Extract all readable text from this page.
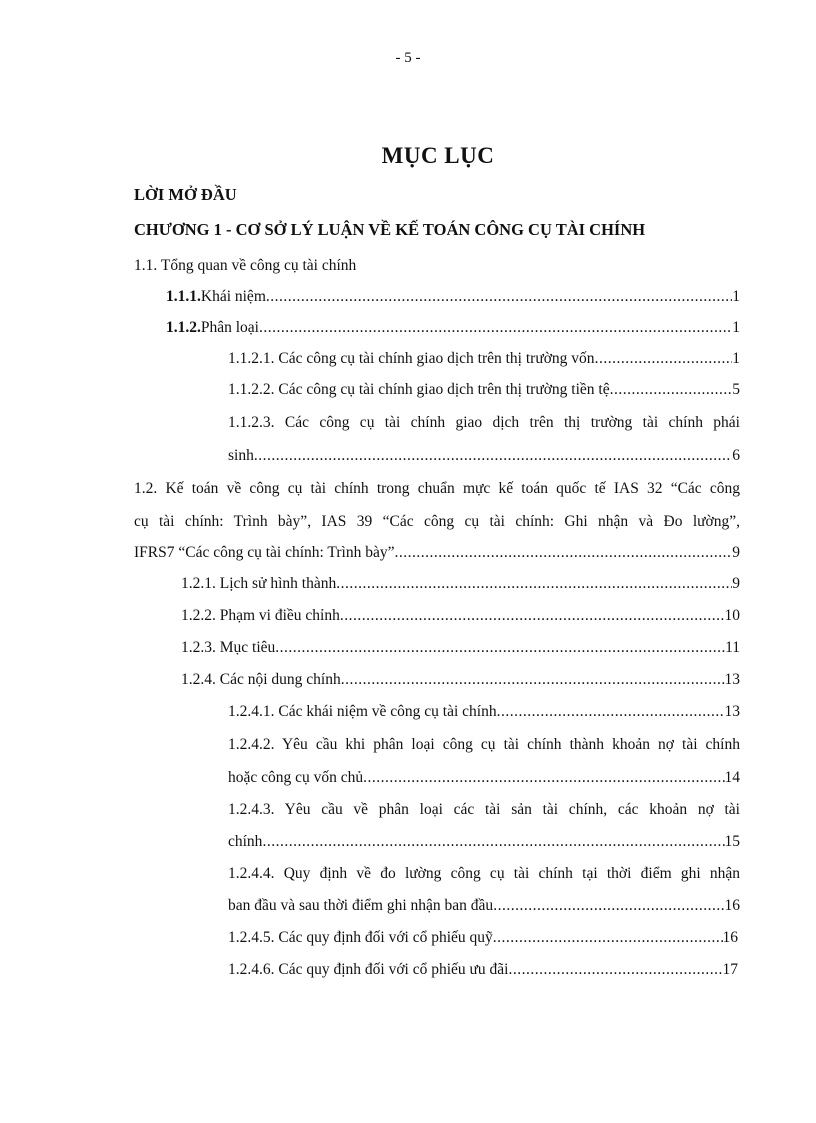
- 5 -
MỤC LỤC
LỜI MỞ ĐẦU
CHƯƠNG 1 - CƠ SỞ LÝ LUẬN VỀ KẾ TOÁN CÔNG CỤ TÀI CHÍNH
1.1. Tổng quan về công cụ tài chính
1.1.1. Khái niệm .....	1
1.1.2. Phân loại .....	1
1.1.2.1. Các công cụ tài chính giao dịch trên thị trường vốn .....	1
1.1.2.2. Các công cụ tài chính giao dịch trên thị trường tiền tệ .....	5
1.1.2.3. Các công cụ tài chính giao dịch trên thị trường tài chính phái
sinh .....	6
1.2. Kế toán về công cụ tài chính trong chuẩn mực kế toán quốc tế IAS 32 “Các công
cụ tài chính: Trình bày”, IAS 39 “Các công cụ tài chính: Ghi nhận và Đo lường”,
IFRS7 “Các công cụ tài chính: Trình bày” .....	9
1.2.1. Lịch sử hình thành .....	9
1.2.2. Phạm vi điều chỉnh .....	10
1.2.3. Mục tiêu .....	11
1.2.4. Các nội dung chính .....	13
1.2.4.1. Các khái niệm về công cụ tài chính .....	13
1.2.4.2. Yêu cầu khi phân loại công cụ tài chính thành khoản nợ tài chính
hoặc công cụ vốn chủ .....	14
1.2.4.3. Yêu cầu về phân loại các tài sản tài chính, các khoản nợ tài
chính .....	15
1.2.4.4. Quy định về đo lường công cụ tài chính tại thời điểm ghi nhận
ban đầu và sau thời điểm ghi nhận ban đầu .....	16
1.2.4.5. Các quy định đối với cổ phiếu quỹ .....	16
1.2.4.6. Các quy định đối với cổ phiếu ưu đãi .....	17
